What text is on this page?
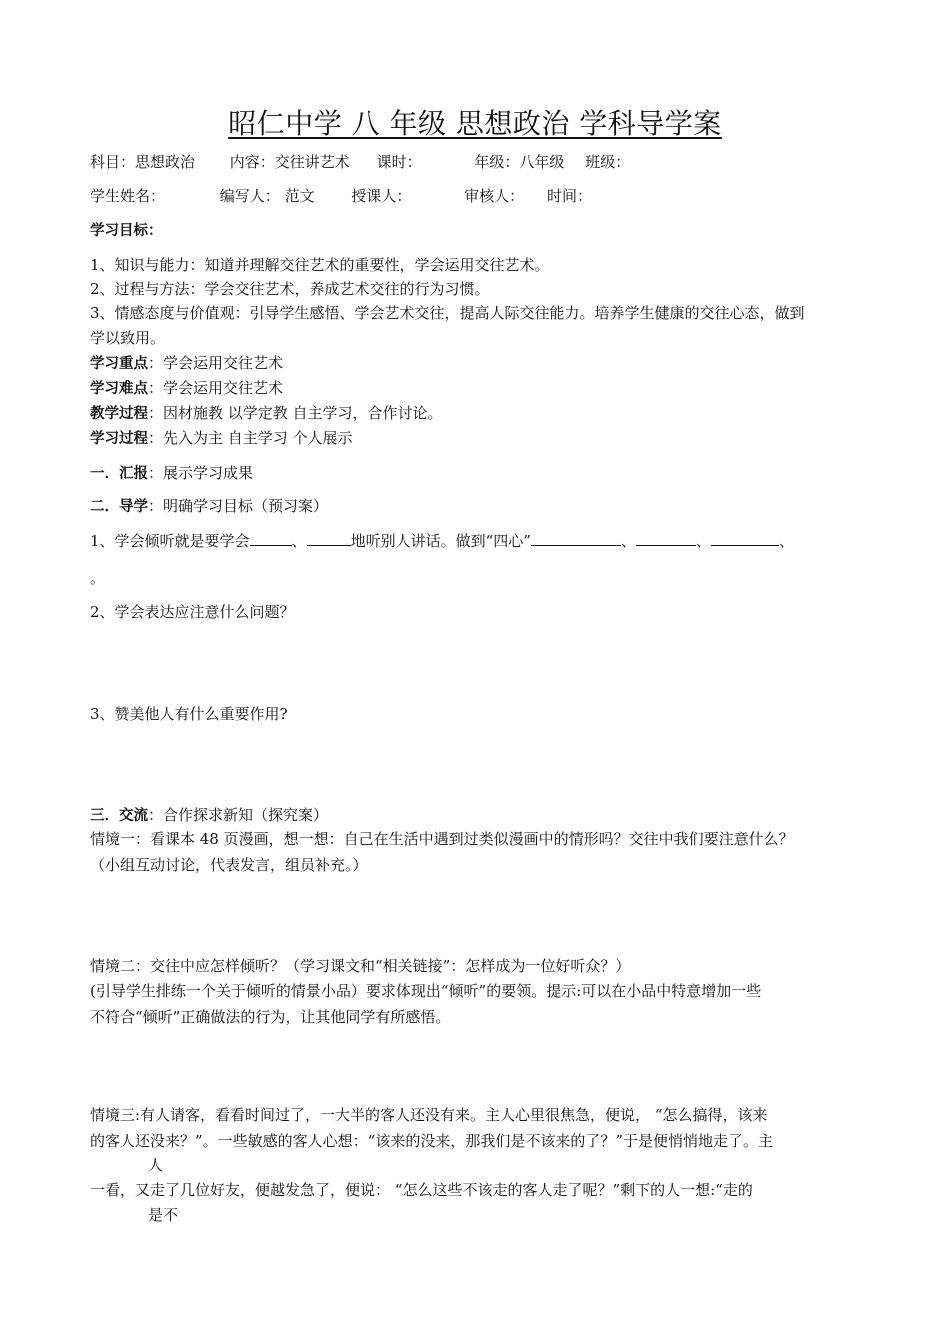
昭仁中学 八 年级 思想政治 学科导学案
科目：思想政治 内容：交往讲艺术 课时：	年级：八年级 班级：
学生姓名：	编写人： 范文 授课人：	审核人： 时间：
学习目标：
1、知识与能力：知道并理解交往艺术的重要性，学会运用交往艺术。
2、过程与方法：学会交往艺术，养成艺术交往的行为习惯。
3、情感态度与价值观：引导学生感悟、学会艺术交往，提高人际交往能力。培养学生健康的交往心态，做到
学以致用。
学习重点：学会运用交往艺术
学习难点：学会运用交往艺术
教学过程：因材施教 以学定教 自主学习，合作讨论。
学习过程：先入为主 自主学习 个人展示
一．汇报：展示学习成果
二．导学：明确学习目标（预习案）
1、学会倾听就是要学会	、	地听别人讲话。做到“四心”	、	、	、
。
2、学会表达应注意什么问题？
3、赞美他人有什么重要作用?
三．交流：合作探求新知（探究案）
情境一：看课本 48 页漫画，想一想：自己在生活中遇到过类似漫画中的情形吗？交往中我们要注意什么？
（小组互动讨论，代表发言，组员补充。）
情境二：交往中应怎样倾听？（学习课文和“相关链接”：怎样成为一位好听众？）
(引导学生排练一个关于倾听的情景小品）要求体现出“倾听”的要领。提示:可以在小品中特意增加一些
不符合“倾听”正确做法的行为，让其他同学有所感悟。
情境三:有人请客，看看时间过了，一大半的客人还没有来。主人心里很焦急，便说， “怎么搞得，该来
的客人还没来？”。一些敏感的客人心想：“该来的没来，那我们是不该来的了？”于是便悄悄地走了。主
人
一看，又走了几位好友，便越发急了，便说： “怎么这些不该走的客人走了呢？”剩下的人一想:“走的
是不
